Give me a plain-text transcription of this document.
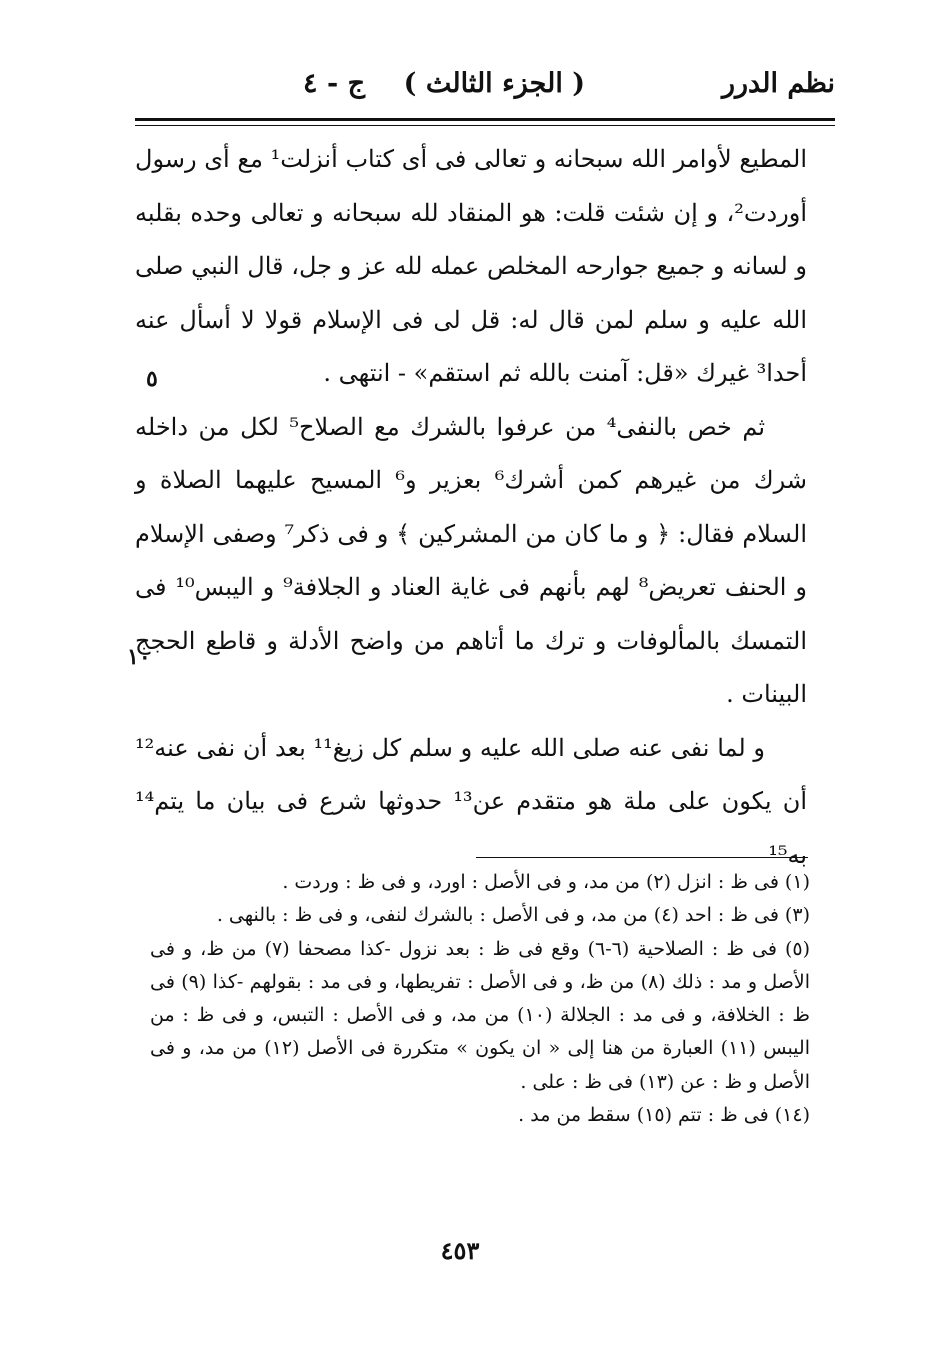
نظم الدرر
( الجزء الثالث )
ج - ٤

المطيع لأوامر الله سبحانه و تعالى فى أى كتاب أنزلت¹ مع أى رسول أوردت²، و إن شئت قلت: هو المنقاد لله سبحانه و تعالى وحده بقلبه و لسانه و جميع جوارحه المخلص عمله لله عز و جل، قال النبي صلى الله عليه و سلم لمن قال له: قل لى فى الإسلام قولا لا أسأل عنه أحدا³ غيرك «قل: آمنت بالله ثم استقم» - انتهى .

ثم خص بالنفى⁴ من عرفوا بالشرك مع الصلاح⁵ لكل من داخله شرك من غيرهم كمن أشرك⁶ بعزير و⁶ المسيح عليهما الصلاة و السلام فقال: ﴿ و ما كان من المشركين ﴾ و فى ذكر⁷ وصفى الإسلام و الحنف تعريض⁸ لهم بأنهم فى غاية العناد و الجلافة⁹ و اليبس¹⁰ فى التمسك بالمألوفات و ترك ما أتاهم من واضح الأدلة و قاطع الحجج البينات .

و لما نفى عنه صلى الله عليه و سلم كل زيغ¹¹ بعد أن نفى عنه¹² أن يكون على ملة هو متقدم عن¹³ حدوثها شرع فى بيان ما يتم¹⁴ به¹⁵

٥
١٠

(١) فى ظ : انزل (٢) من مد، و فى الأصل : اورد، و فى ظ : وردت .

(٣) فى ظ : احد (٤) من مد، و فى الأصل : بالشرك لنفى، و فى ظ : بالنهى .

(٥) فى ظ : الصلاحية (٦-٦) وقع فى ظ : بعد نزول -كذا مصحفا (٧) من ظ، و فى الأصل و مد : ذلك (٨) من ظ، و فى الأصل : تفريطها، و فى مد : بقولهم -كذا (٩) فى ظ : الخلافة، و فى مد : الجلالة (١٠) من مد، و فى الأصل : التبس، و فى ظ : من اليبس (١١) العبارة من هنا إلى « ان يكون » متكررة فى الأصل (١٢) من مد، و فى الأصل و ظ : عن (١٣) فى ظ : على .

(١٤) فى ظ : تتم (١٥) سقط من مد .

٤٥٣
